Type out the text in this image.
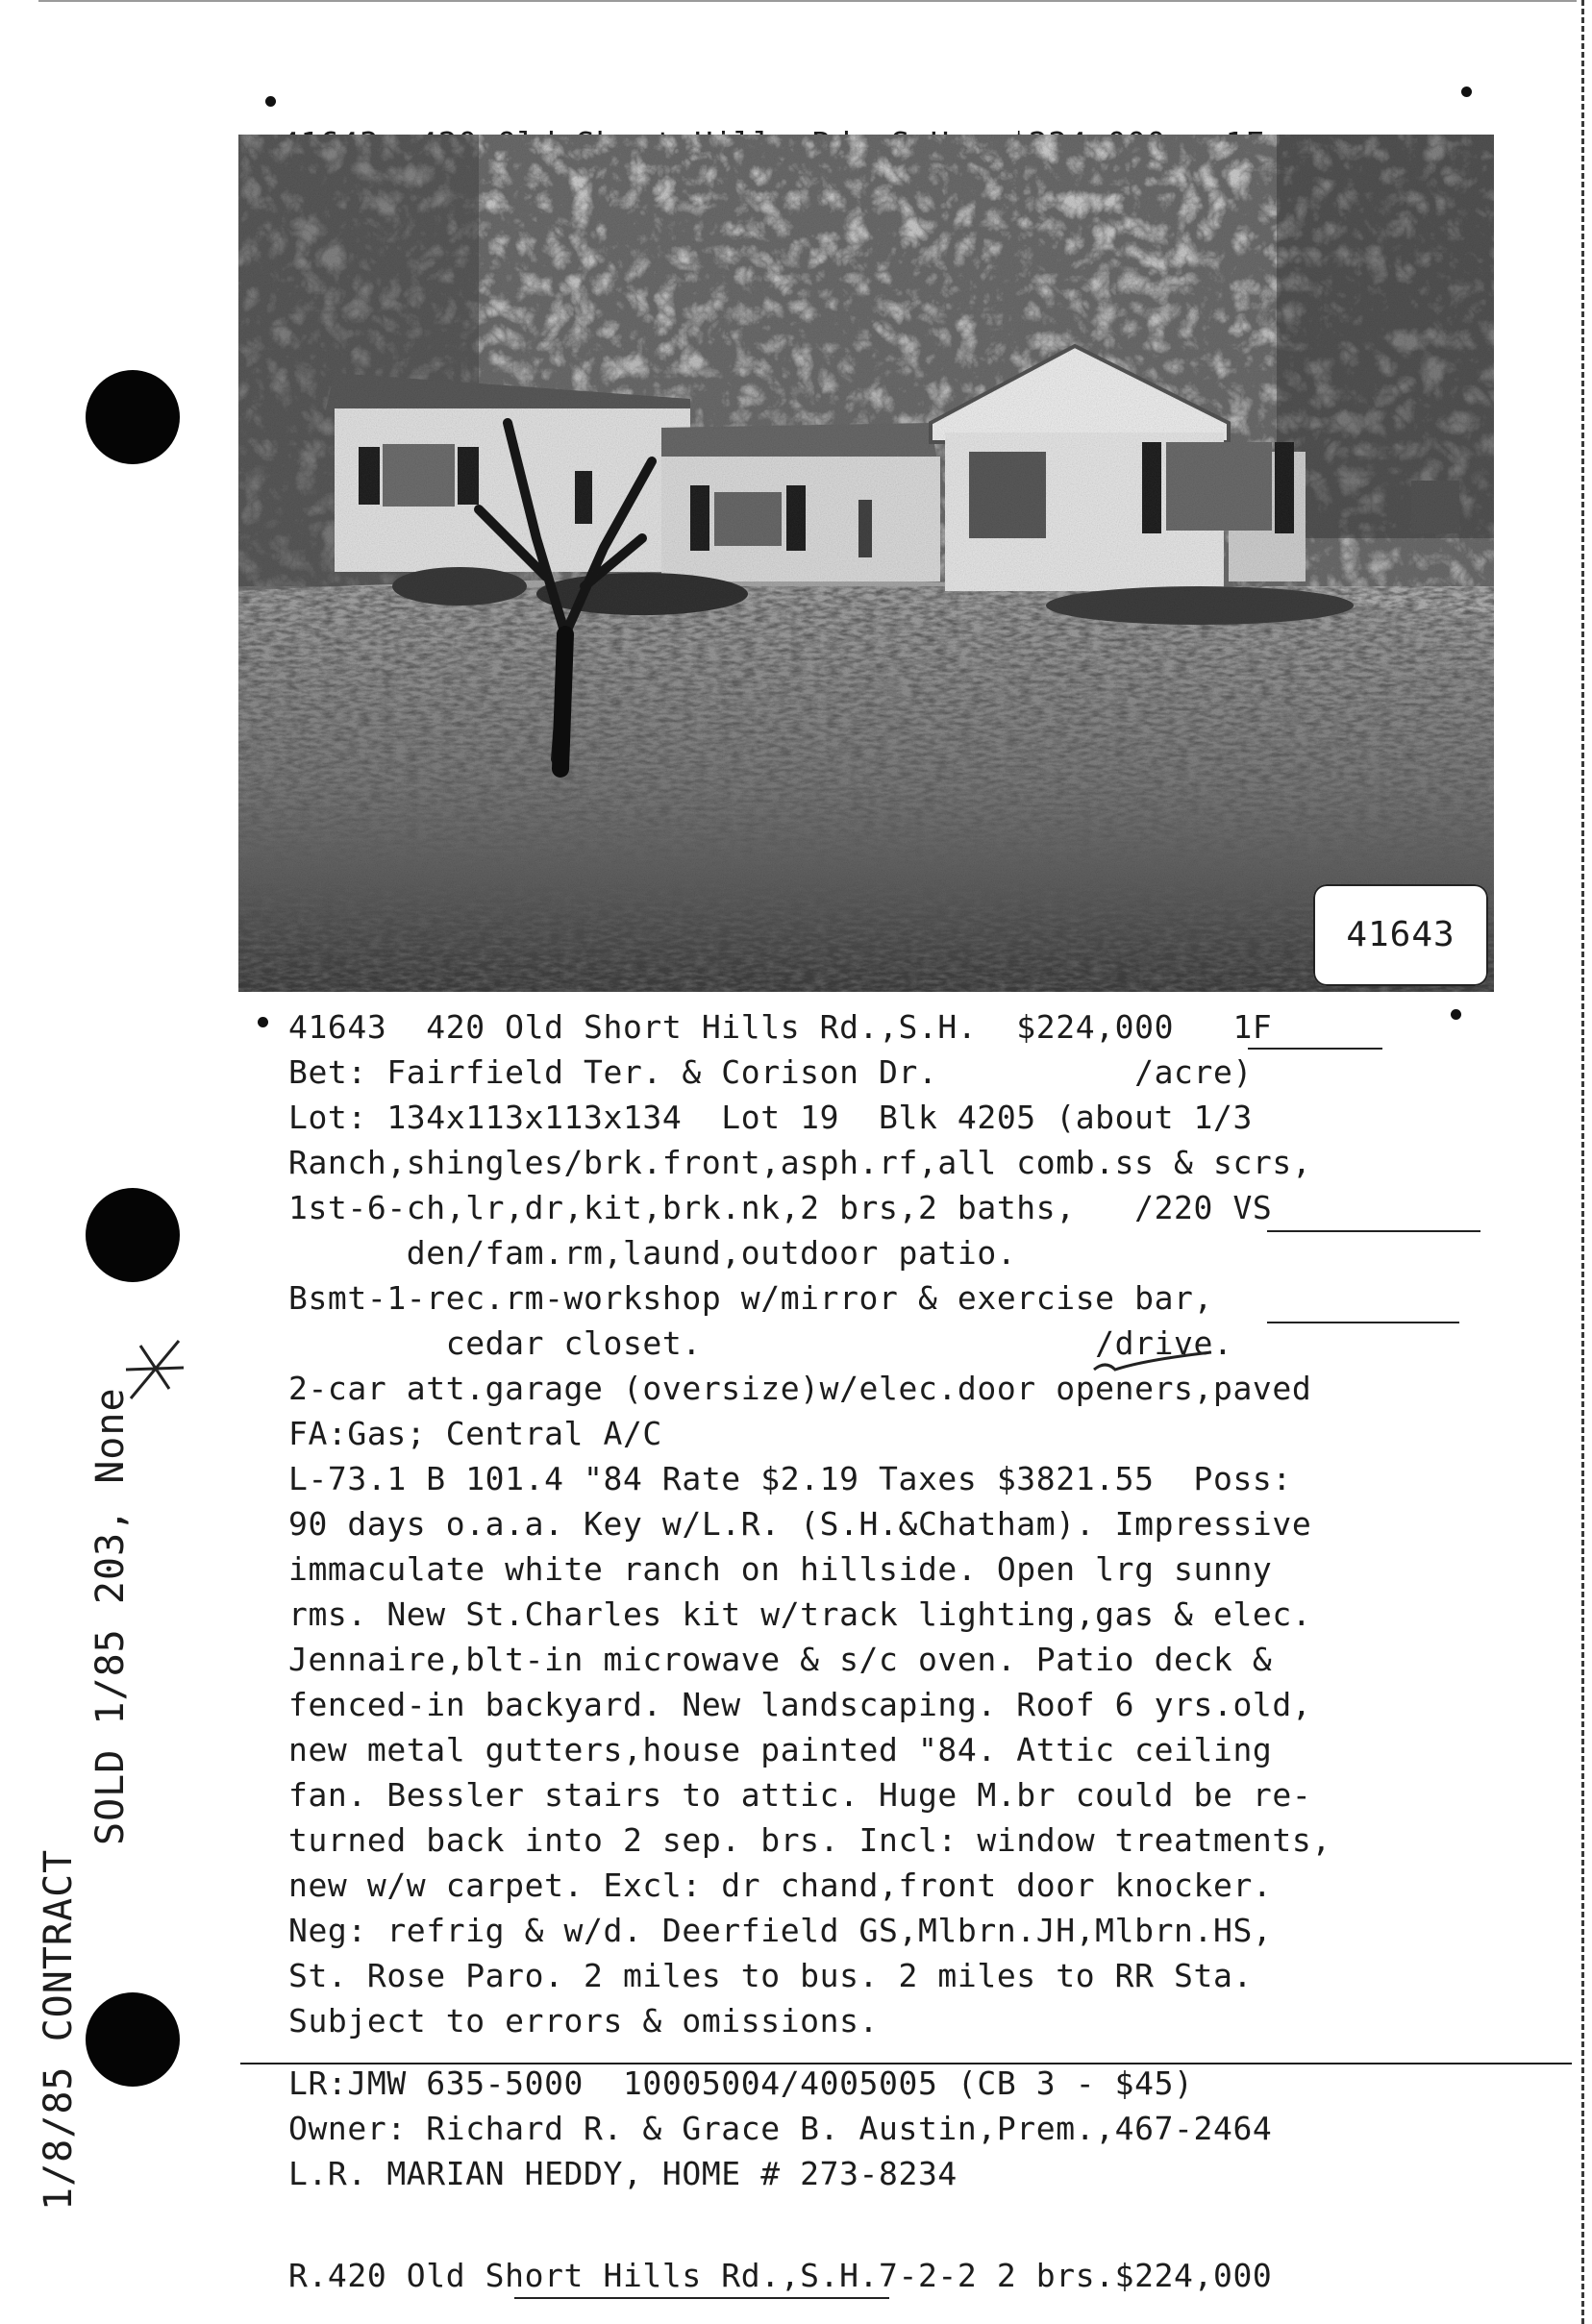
41643
41643  420 Old Short Hills Rd.,S.H.  $224,000   1F
Bet: Fairfield Ter. & Corison Dr.          /acre)
Lot: 134x113x113x134  Lot 19  Blk 4205 (about 1/3
Ranch,shingles/brk.front,asph.rf,all comb.ss & scrs,
1st-6-ch,lr,dr,kit,brk.nk,2 brs,2 baths,   /220 VS
den/fam.rm,laund,outdoor patio.
Bsmt-1-rec.rm-workshop w/mirror & exercise bar,
cedar closet.                    /drive.
2-car att.garage (oversize)w/elec.door openers,paved
FA:Gas; Central A/C
L-73.1 B 101.4 "84 Rate $2.19 Taxes $3821.55  Poss:
90 days o.a.a. Key w/L.R. (S.H.&Chatham). Impressive
immaculate white ranch on hillside. Open lrg sunny
rms. New St.Charles kit w/track lighting,gas & elec.
Jennaire,blt-in microwave & s/c oven. Patio deck &
fenced-in backyard. New landscaping. Roof 6 yrs.old,
new metal gutters,house painted "84. Attic ceiling
fan. Bessler stairs to attic. Huge M.br could be re-
turned back into 2 sep. brs. Incl: window treatments,
new w/w carpet. Excl: dr chand,front door knocker.
Neg: refrig & w/d. Deerfield GS,Mlbrn.JH,Mlbrn.HS,
St. Rose Paro. 2 miles to bus. 2 miles to RR Sta.
Subject to errors & omissions.
LR:JMW 635-5000  10005004/4005005 (CB 3 - $45)
Owner: Richard R. & Grace B. Austin,Prem.,467-2464
L.R. MARIAN HEDDY, HOME # 273-8234
R.420 Old Short Hills Rd.,S.H.7-2-2 2 brs.$224,000
1/8/85 CONTRACT
SOLD 1/85 203, None
